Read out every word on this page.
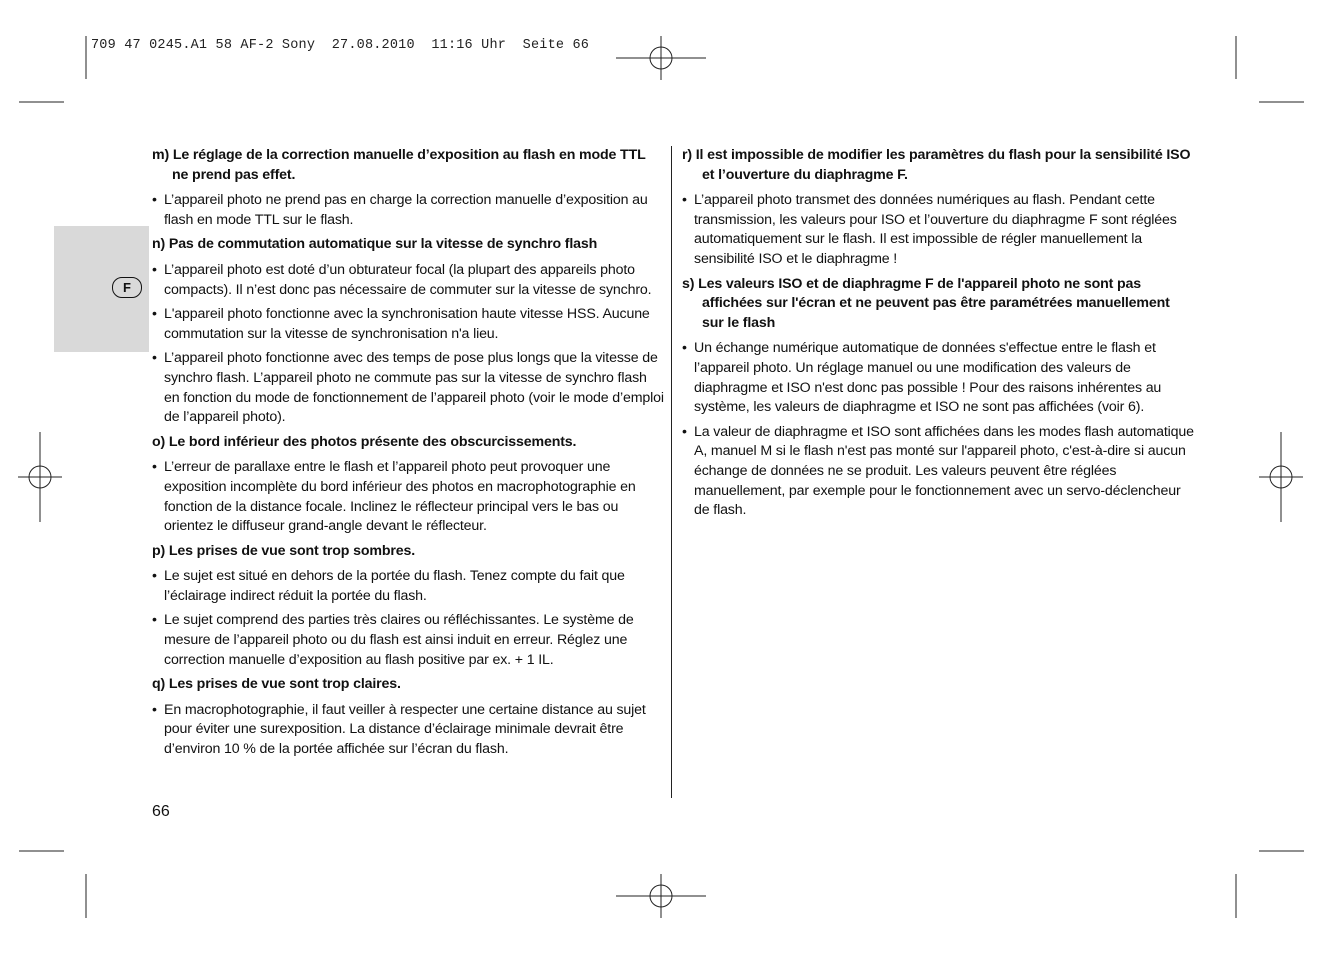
709 47 0245.A1 58 AF-2 Sony  27.08.2010  11:16 Uhr  Seite 66
F

m) Le réglage de la correction manuelle d’exposition au flash en mode TTL ne prend pas effet.

• L’appareil photo ne prend pas en charge la correction manuelle d’exposition au flash en mode TTL sur le flash.

n) Pas de commutation automatique sur la vitesse de synchro flash

• L’appareil photo est doté d’un obturateur focal (la plupart des appareils photo compacts). Il n’est donc pas nécessaire de commuter sur la vitesse de synchro.

• L'appareil photo fonctionne avec la synchronisation haute vitesse HSS. Aucune commutation sur la vitesse de synchronisation n'a lieu.

• L’appareil photo fonctionne avec des temps de pose plus longs que la vitesse de synchro flash. L’appareil photo ne commute pas sur la vitesse de synchro flash en fonction du mode de fonctionnement de l’appareil photo (voir le mode d’emploi de l’appareil photo).

o) Le bord inférieur des photos présente des obscurcissements.

• L’erreur de parallaxe entre le flash et l’appareil photo peut provoquer une exposition incomplète du bord inférieur des photos en macrophotographie en fonction de la distance focale. Inclinez le réflecteur principal vers le bas ou orientez le diffuseur grand-angle devant le réflecteur.

p) Les prises de vue sont trop sombres.

• Le sujet est situé en dehors de la portée du flash. Tenez compte du fait que l’éclairage indirect réduit la portée du flash.

• Le sujet comprend des parties très claires ou réfléchissantes. Le système de mesure de l’appareil photo ou du flash est ainsi induit en erreur. Réglez une correction manuelle d’exposition au flash positive par ex. + 1 IL.

q) Les prises de vue sont trop claires.

• En macrophotographie, il faut veiller à respecter une certaine distance au sujet pour éviter une surexposition. La distance d’éclairage minimale devrait être d’environ 10 % de la portée affichée sur l’écran du flash.

r) Il est impossible de modifier les paramètres du flash pour la sensibilité ISO et l’ouverture du diaphragme F.

• L’appareil photo transmet des données numériques au flash. Pendant cette transmission, les valeurs pour ISO et l’ouverture du diaphragme F sont réglées automatiquement sur le flash. Il est impossible de régler manuellement la sensibilité ISO et le diaphragme !

s) Les valeurs ISO et de diaphragme F de l'appareil photo ne sont pas affichées sur l'écran et ne peuvent pas être paramétrées manuellement sur le flash

• Un échange numérique automatique de données s'effectue entre le flash et l’appareil photo. Un réglage manuel ou une modification des valeurs de diaphragme et ISO n'est donc pas possible ! Pour des raisons inhérentes au système, les valeurs de diaphragme et ISO ne sont pas affichées (voir 6).

• La valeur de diaphragme et ISO sont affichées dans les modes flash automatique A, manuel M si le flash n'est pas monté sur l'appareil photo, c'est-à-dire si aucun échange de données ne se produit. Les valeurs peuvent être réglées manuellement, par exemple pour le fonctionnement avec un servo-déclencheur de flash.

66
